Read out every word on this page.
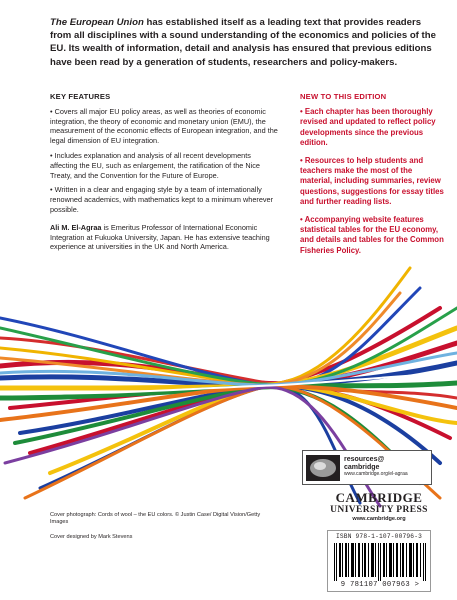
The European Union has established itself as a leading text that provides readers from all disciplines with a sound understanding of the economics and policies of the EU. Its wealth of information, detail and analysis has ensured that previous editions have been read by a generation of students, researchers and policy-makers.
KEY FEATURES
• Covers all major EU policy areas, as well as theories of economic integration, the theory of economic and monetary union (EMU), the measurement of the economic effects of European integration, and the legal dimension of EU integration.
• Includes explanation and analysis of all recent developments affecting the EU, such as enlargement, the ratification of the Nice Treaty, and the Convention for the Future of Europe.
• Written in a clear and engaging style by a team of internationally renowned academics, with mathematics kept to a minimum wherever possible.
Ali M. El-Agraa is Emeritus Professor of International Economic Integration at Fukuoka University, Japan. He has extensive teaching experience at universities in the UK and North America.
NEW TO THIS EDITION
• Each chapter has been thoroughly revised and updated to reflect policy developments since the previous edition.
• Resources to help students and teachers make the most of the material, including summaries, review questions, suggestions for essay titles and further reading lists.
• Accompanying website features statistical tables for the EU economy, and details and tables for the Common Fisheries Policy.
resources@
cambridge
www.cambridge.org/el-agraa
CAMBRIDGE
UNIVERSITY PRESS
www.cambridge.org
ISBN 978-1-107-00796-3
9 781107 007963 >
Cover photograph: Cords of wool – the EU colors. © Justin Case/ Digital Vision/Getty Images
Cover designed by Mark Stevens
